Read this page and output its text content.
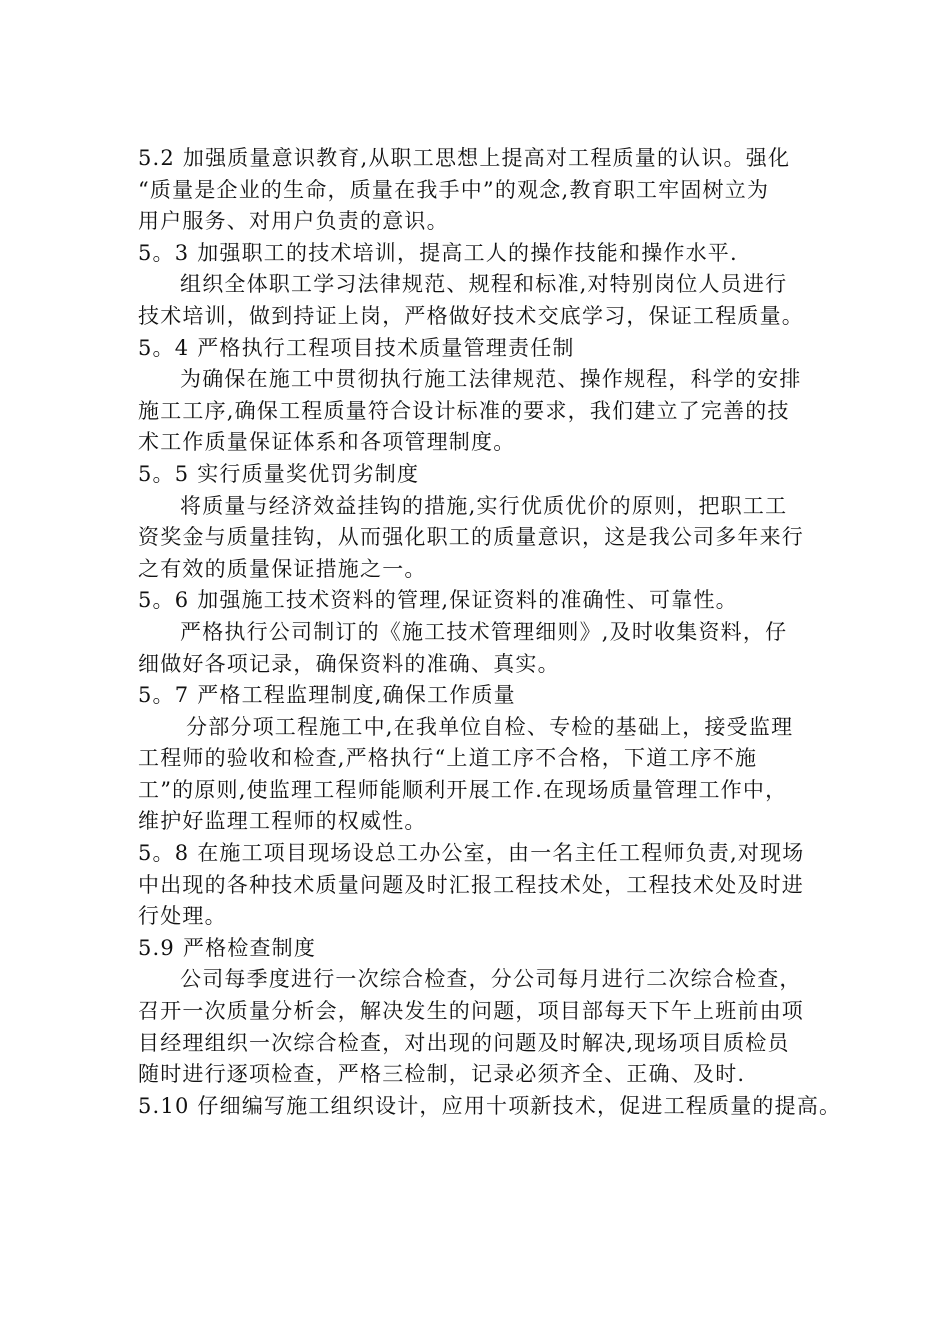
5.2 加强质量意识教育,从职工思想上提高对工程质量的认识。强化
“质量是企业的生命，质量在我手中”的观念,教育职工牢固树立为
用户服务、对用户负责的意识。
5。3 加强职工的技术培训，提高工人的操作技能和操作水平.
组织全体职工学习法律规范、规程和标准,对特别岗位人员进行
技术培训，做到持证上岗，严格做好技术交底学习，保证工程质量。
5。4 严格执行工程项目技术质量管理责任制
为确保在施工中贯彻执行施工法律规范、操作规程，科学的安排
施工工序,确保工程质量符合设计标准的要求，我们建立了完善的技
术工作质量保证体系和各项管理制度。
5。5 实行质量奖优罚劣制度
将质量与经济效益挂钩的措施,实行优质优价的原则，把职工工
资奖金与质量挂钩，从而强化职工的质量意识，这是我公司多年来行
之有效的质量保证措施之一。
5。6 加强施工技术资料的管理,保证资料的准确性、可靠性。
严格执行公司制订的《施工技术管理细则》,及时收集资料，仔
细做好各项记录，确保资料的准确、真实。
5。7 严格工程监理制度,确保工作质量
分部分项工程施工中,在我单位自检、专检的基础上，接受监理
工程师的验收和检查,严格执行“上道工序不合格，下道工序不施
工”的原则,使监理工程师能顺利开展工作.在现场质量管理工作中，
维护好监理工程师的权威性。
5。8 在施工项目现场设总工办公室，由一名主任工程师负责,对现场
中出现的各种技术质量问题及时汇报工程技术处，工程技术处及时进
行处理。
5.9 严格检查制度
公司每季度进行一次综合检查，分公司每月进行二次综合检查，
召开一次质量分析会，解决发生的问题，项目部每天下午上班前由项
目经理组织一次综合检查，对出现的问题及时解决,现场项目质检员
随时进行逐项检查，严格三检制，记录必须齐全、正确、及时.
5.10 仔细编写施工组织设计，应用十项新技术，促进工程质量的提高。
